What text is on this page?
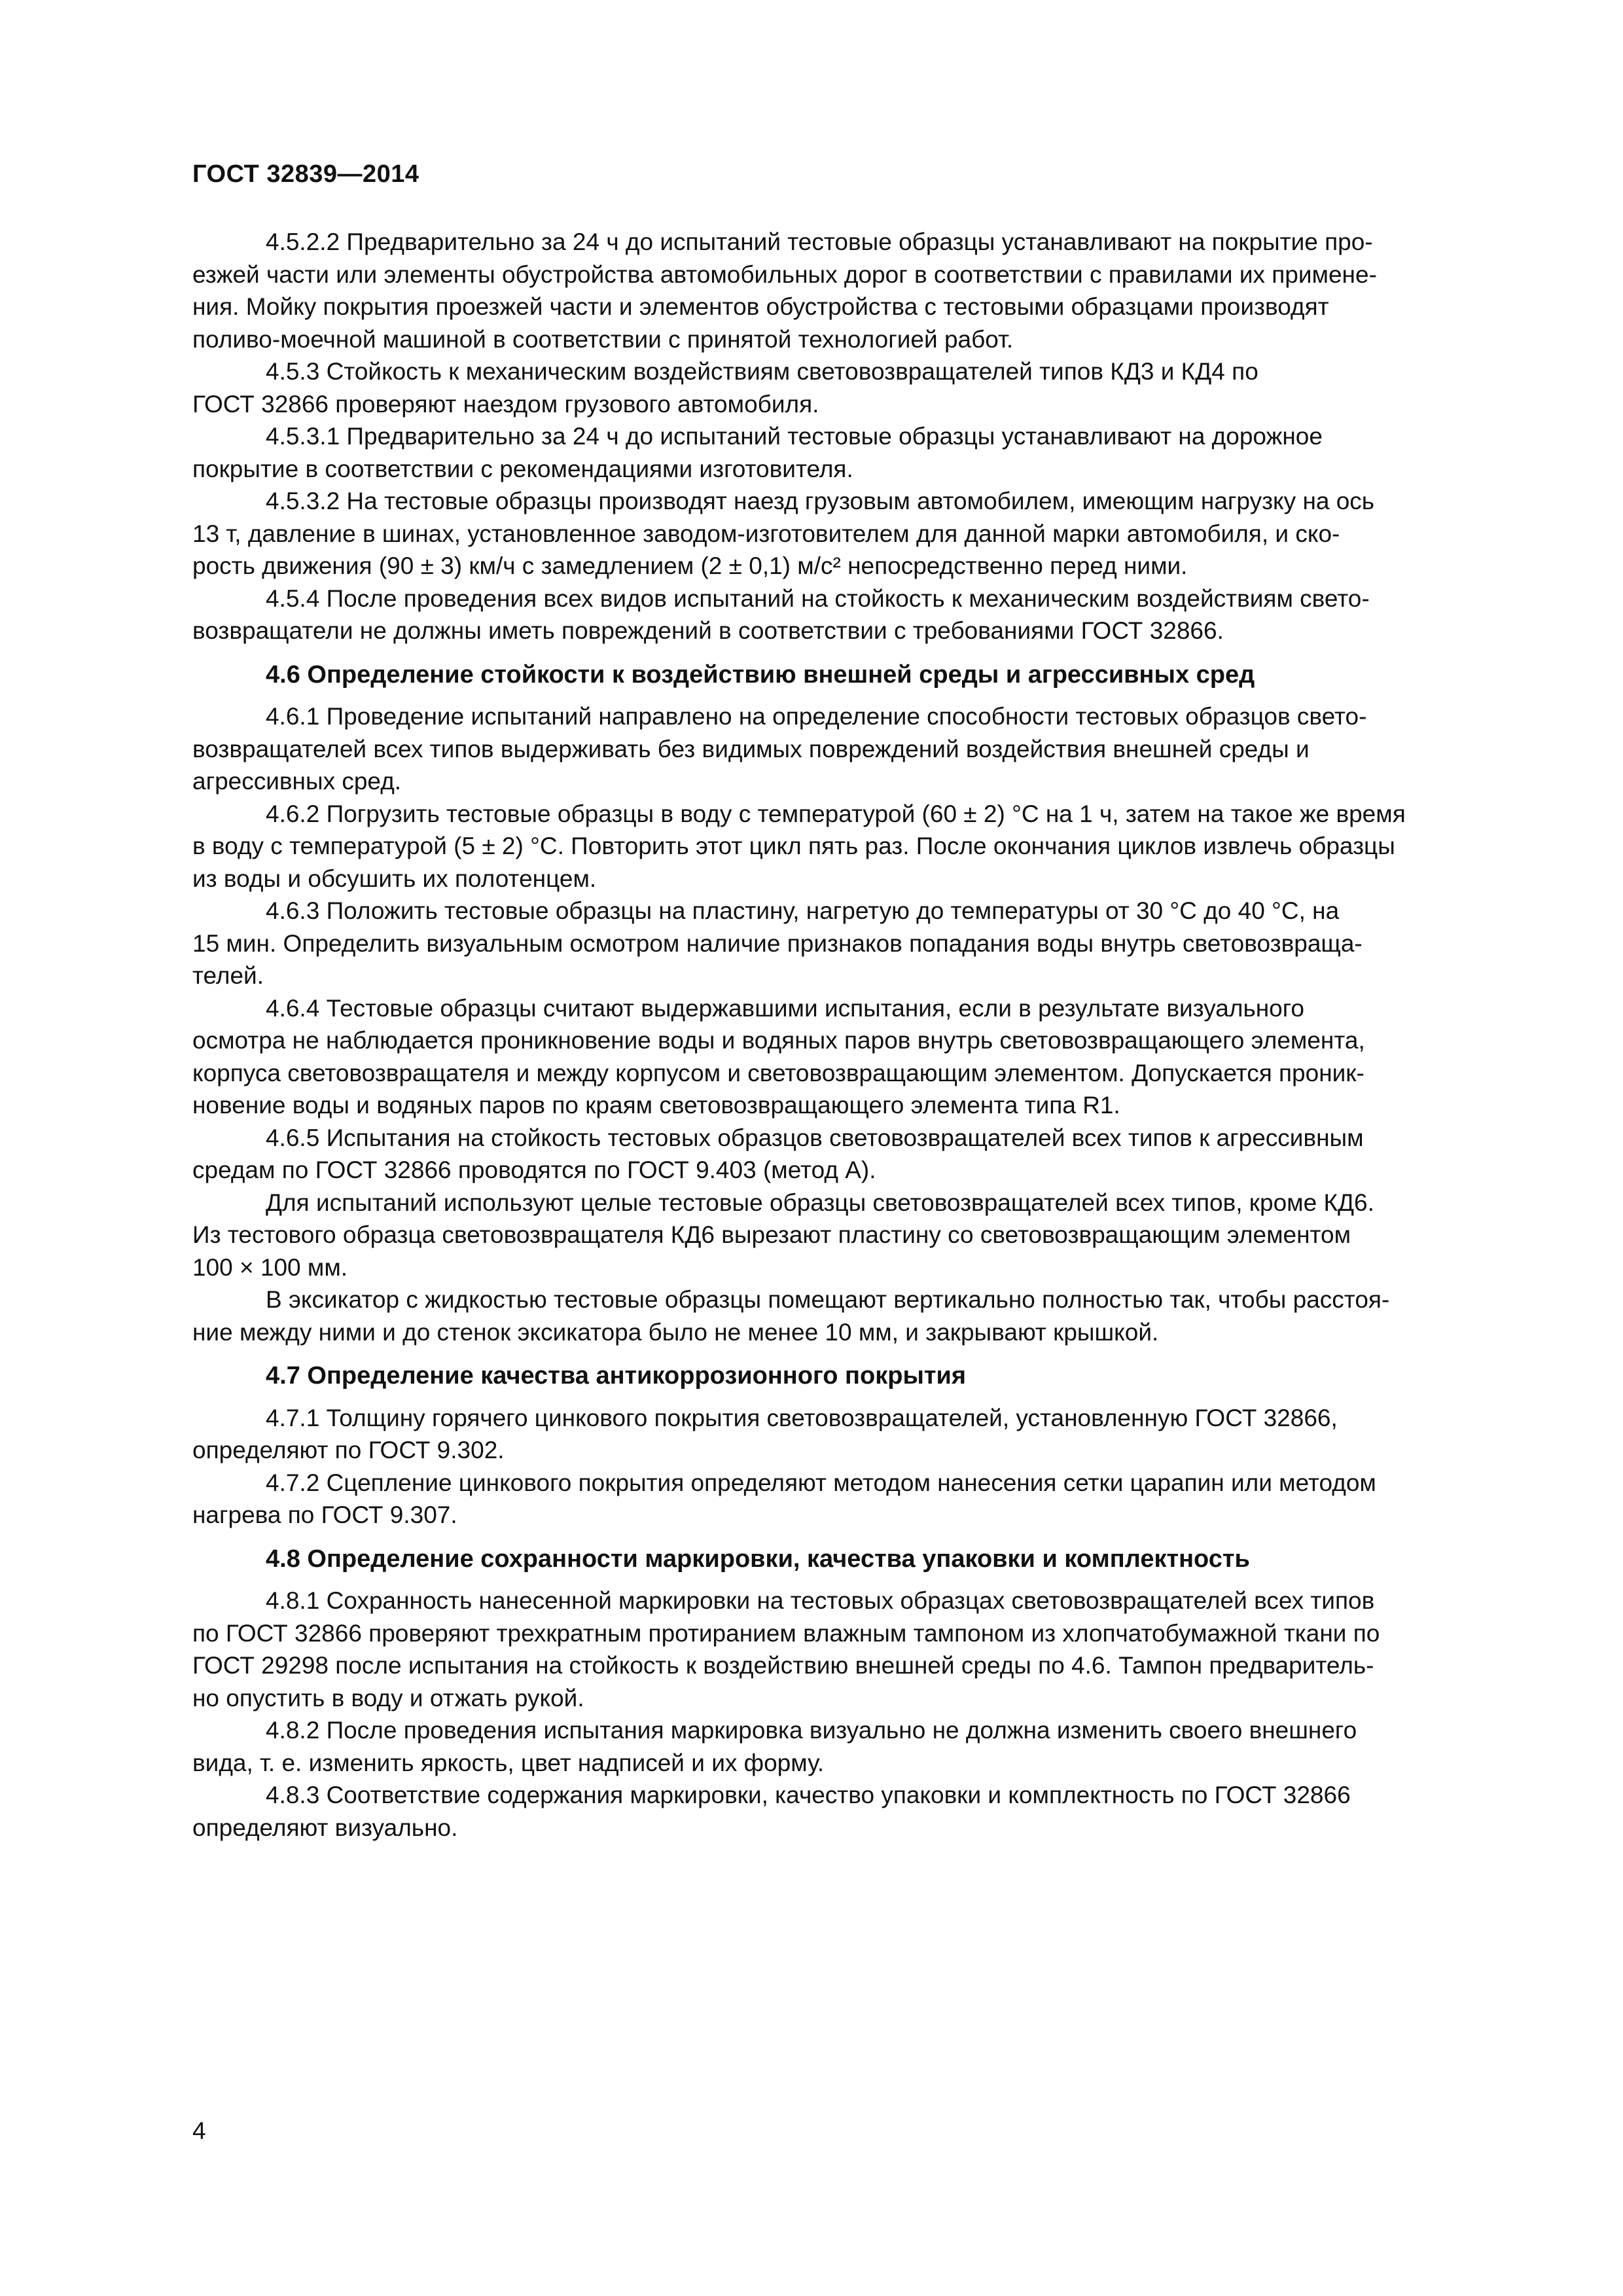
ГОСТ 32839—2014

4.5.2.2 Предварительно за 24 ч до испытаний тестовые образцы устанавливают на покрытие про-
езжей части или элементы обустройства автомобильных дорог в соответствии с правилами их примене-
ния. Мойку покрытия проезжей части и элементов обустройства с тестовыми образцами производят
поливо-моечной машиной в соответствии с принятой технологией работ.

4.5.3 Стойкость к механическим воздействиям световозвращателей типов КД3 и КД4 по
ГОСТ 32866 проверяют наездом грузового автомобиля.

4.5.3.1 Предварительно за 24 ч до испытаний тестовые образцы устанавливают на дорожное
покрытие в соответствии с рекомендациями изготовителя.

4.5.3.2 На тестовые образцы производят наезд грузовым автомобилем, имеющим нагрузку на ось
13 т, давление в шинах, установленное заводом-изготовителем для данной марки автомобиля, и ско-
рость движения (90 ± 3) км/ч с замедлением (2 ± 0,1) м/с² непосредственно перед ними.

4.5.4 После проведения всех видов испытаний на стойкость к механическим воздействиям свето-
возвращатели не должны иметь повреждений в соответствии с требованиями ГОСТ 32866.

4.6 Определение стойкости к воздействию внешней среды и агрессивных сред

4.6.1 Проведение испытаний направлено на определение способности тестовых образцов свето-
возвращателей всех типов выдерживать без видимых повреждений воздействия внешней среды и
агрессивных сред.

4.6.2 Погрузить тестовые образцы в воду с температурой (60 ± 2) °С на 1 ч, затем на такое же время
в воду с температурой (5 ± 2) °С. Повторить этот цикл пять раз. После окончания циклов извлечь образцы
из воды и обсушить их полотенцем.

4.6.3 Положить тестовые образцы на пластину, нагретую до температуры от 30 °С до 40 °С, на
15 мин. Определить визуальным осмотром наличие признаков попадания воды внутрь световозвраща-
телей.

4.6.4 Тестовые образцы считают выдержавшими испытания, если в результате визуального
осмотра не наблюдается проникновение воды и водяных паров внутрь световозвращающего элемента,
корпуса световозвращателя и между корпусом и световозвращающим элементом. Допускается проник-
новение воды и водяных паров по краям световозвращающего элемента типа R1.

4.6.5 Испытания на стойкость тестовых образцов световозвращателей всех типов к агрессивным
средам по ГОСТ 32866 проводятся по ГОСТ 9.403 (метод А).

Для испытаний используют целые тестовые образцы световозвращателей всех типов, кроме КД6.
Из тестового образца световозвращателя КД6 вырезают пластину со световозвращающим элементом
100 × 100 мм.

В эксикатор с жидкостью тестовые образцы помещают вертикально полностью так, чтобы расстоя-
ние между ними и до стенок эксикатора было не менее 10 мм, и закрывают крышкой.

4.7 Определение качества антикоррозионного покрытия

4.7.1 Толщину горячего цинкового покрытия световозвращателей, установленную ГОСТ 32866,
определяют по ГОСТ 9.302.

4.7.2 Сцепление цинкового покрытия определяют методом нанесения сетки царапин или методом
нагрева по ГОСТ 9.307.

4.8 Определение сохранности маркировки, качества упаковки и комплектность

4.8.1 Сохранность нанесенной маркировки на тестовых образцах световозвращателей всех типов
по ГОСТ 32866 проверяют трехкратным протиранием влажным тампоном из хлопчатобумажной ткани по
ГОСТ 29298 после испытания на стойкость к воздействию внешней среды по 4.6. Тампон предваритель-
но опустить в воду и отжать рукой.

4.8.2 После проведения испытания маркировка визуально не должна изменить своего внешнего
вида, т. е. изменить яркость, цвет надписей и их форму.

4.8.3 Соответствие содержания маркировки, качество упаковки и комплектность по ГОСТ 32866
определяют визуально.

4
